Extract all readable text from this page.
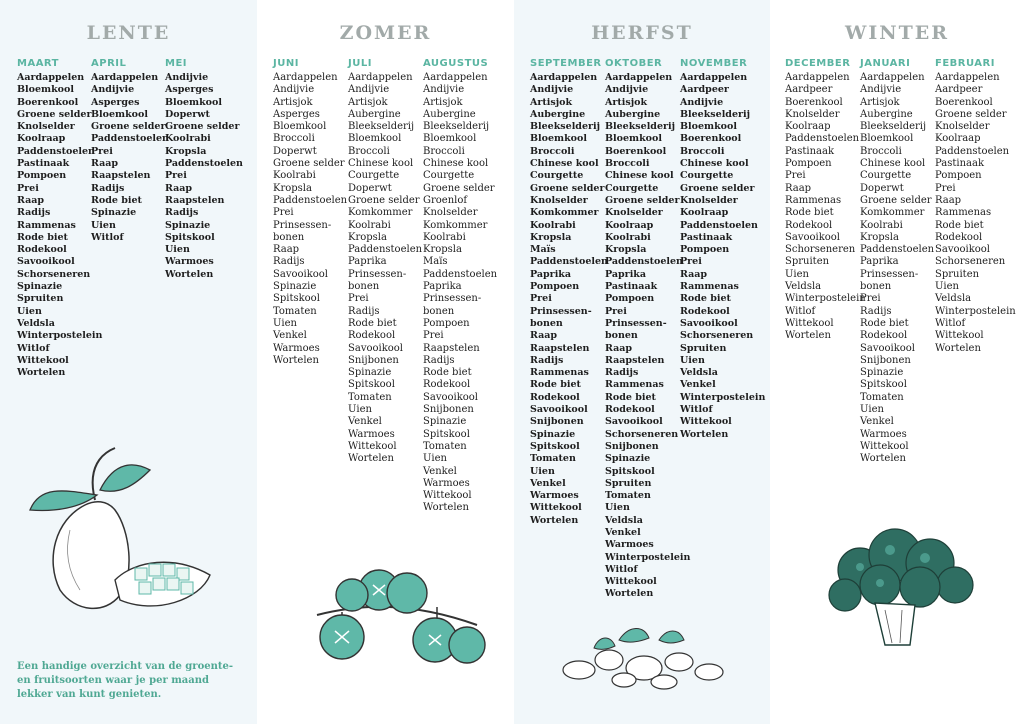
LENTE
MAART
Aardappelen
Bloemkool
Boerenkool
Groene selder
Knolselder
Koolraap
Paddenstoelen
Pastinaak
Pompoen
Prei
Raap
Radijs
Rammenas
Rode biet
Rodekool
Savooikool
Schorseneren
Spinazie
Spruiten
Uien
Veldsla
Winterpostelein
Witlof
Wittekool
Wortelen
APRIL
Aardappelen
Andijvie
Asperges
Bloemkool
Groene selder
Paddenstoelen
Prei
Raap
Raapstelen
Radijs
Rode biet
Spinazie
Uien
Witlof
MEI
Andijvie
Asperges
Bloemkool
Doperwt
Groene selder
Koolrabi
Kropsla
Paddenstoelen
Prei
Raap
Raapstelen
Radijs
Spinazie
Spitskool
Uien
Warmoes
Wortelen
Een handige overzicht van de groente- en fruitsoorten waar je per maand lekker van kunt genieten.
ZOMER
JUNI
Aardappelen
Andijvie
Artisjok
Asperges
Bloemkool
Broccoli
Doperwt
Groene selder
Koolrabi
Kropsla
Paddenstoelen
Prei
Prinsessen-
bonen
Raap
Radijs
Savooikool
Spinazie
Spitskool
Tomaten
Uien
Venkel
Warmoes
Wortelen
JULI
Aardappelen
Andijvie
Artisjok
Aubergine
Bleekselderij
Bloemkool
Broccoli
Chinese kool
Courgette
Doperwt
Groene selder
Komkommer
Koolrabi
Kropsla
Paddenstoelen
Paprika
Prinsessen-
bonen
Prei
Radijs
Rode biet
Rodekool
Savooikool
Snijbonen
Spinazie
Spitskool
Tomaten
Uien
Venkel
Warmoes
Wittekool
Wortelen
AUGUSTUS
Aardappelen
Andijvie
Artisjok
Aubergine
Bleekselderij
Bloemkool
Broccoli
Chinese kool
Courgette
Groene selder
Groenlof
Knolselder
Komkommer
Koolrabi
Kropsla
Maïs
Paddenstoelen
Paprika
Prinsessen-
bonen
Pompoen
Prei
Raapstelen
Radijs
Rode biet
Rodekool
Savooikool
Snijbonen
Spinazie
Spitskool
Tomaten
Uien
Venkel
Warmoes
Wittekool
Wortelen
HERFST
SEPTEMBER
Aardappelen
Andijvie
Artisjok
Aubergine
Bleekselderij
Bloemkool
Broccoli
Chinese kool
Courgette
Groene selder
Knolselder
Komkommer
Koolrabi
Kropsla
Maïs
Paddenstoelen
Paprika
Pompoen
Prei
Prinsessen-
bonen
Raap
Raapstelen
Radijs
Rammenas
Rode biet
Rodekool
Savooikool
Snijbonen
Spinazie
Spitskool
Tomaten
Uien
Venkel
Warmoes
Wittekool
Wortelen
OKTOBER
Aardappelen
Andijvie
Artisjok
Aubergine
Bleekselderij
Bloemkool
Boerenkool
Broccoli
Chinese kool
Courgette
Groene selder
Knolselder
Koolraap
Koolrabi
Kropsla
Paddenstoelen
Paprika
Pastinaak
Pompoen
Prei
Prinsessen-
bonen
Raap
Raapstelen
Radijs
Rammenas
Rode biet
Rodekool
Savooikool
Schorseneren
Snijbonen
Spinazie
Spitskool
Spruiten
Tomaten
Uien
Veldsla
Venkel
Warmoes
Winterpostelein
Witlof
Wittekool
Wortelen
NOVEMBER
Aardappelen
Aardpeer
Andijvie
Bleekselderij
Bloemkool
Boerenkool
Broccoli
Chinese kool
Courgette
Groene selder
Knolselder
Koolraap
Paddenstoelen
Pastinaak
Pompoen
Prei
Raap
Rammenas
Rode biet
Rodekool
Savooikool
Schorseneren
Spruiten
Uien
Veldsla
Venkel
Winterpostelein
Witlof
Wittekool
Wortelen
WINTER
DECEMBER
Aardappelen
Aardpeer
Boerenkool
Knolselder
Koolraap
Paddenstoelen
Pastinaak
Pompoen
Prei
Raap
Rammenas
Rode biet
Rodekool
Savooikool
Schorseneren
Spruiten
Uien
Veldsla
Winterpostelein
Witlof
Wittekool
Wortelen
JANUARI
Aardappelen
Andijvie
Artisjok
Aubergine
Bleekselderij
Bloemkool
Broccoli
Chinese kool
Courgette
Doperwt
Groene selder
Komkommer
Koolrabi
Kropsla
Paddenstoelen
Paprika
Prinsessen-
bonen
Prei
Radijs
Rode biet
Rodekool
Savooikool
Snijbonen
Spinazie
Spitskool
Tomaten
Uien
Venkel
Warmoes
Wittekool
Wortelen
FEBRUARI
Aardappelen
Aardpeer
Boerenkool
Groene selder
Knolselder
Koolraap
Paddenstoelen
Pastinaak
Pompoen
Prei
Raap
Rammenas
Rode biet
Rodekool
Savooikool
Schorseneren
Spruiten
Uien
Veldsla
Winterpostelein
Witlof
Wittekool
Wortelen
